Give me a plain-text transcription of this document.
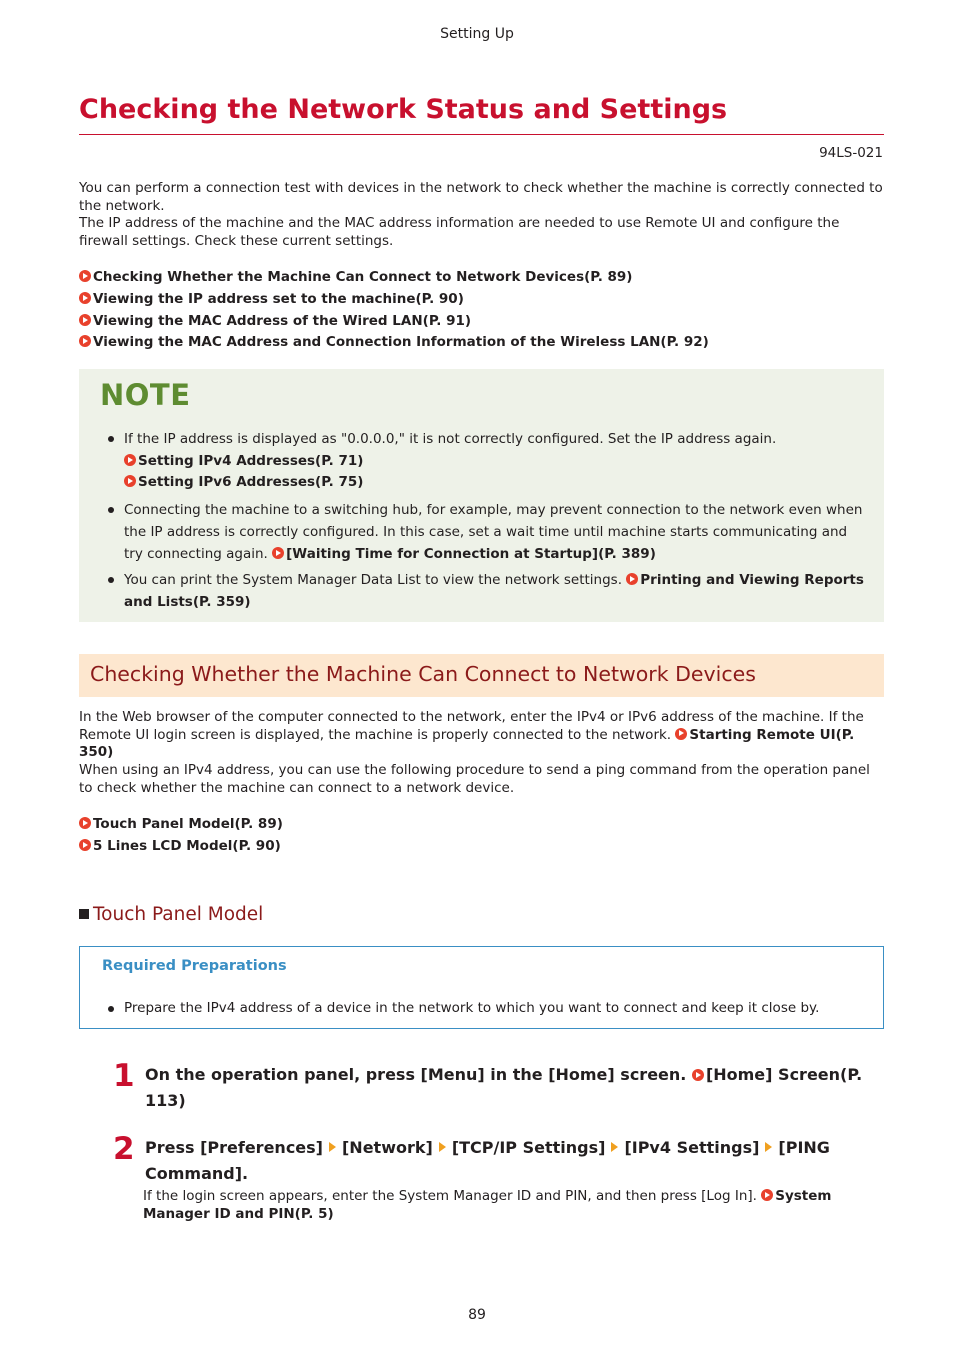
Setting Up
Checking the Network Status and Settings
94LS-021
You can perform a connection test with devices in the network to check whether the machine is correctly connected to the network.
The IP address of the machine and the MAC address information are needed to use Remote UI and configure the firewall settings. Check these current settings.
Checking Whether the Machine Can Connect to Network Devices(P. 89)
Viewing the IP address set to the machine(P. 90)
Viewing the MAC Address of the Wired LAN(P. 91)
Viewing the MAC Address and Connection Information of the Wireless LAN(P. 92)
NOTE
If the IP address is displayed as "0.0.0.0," it is not correctly configured. Set the IP address again.
Setting IPv4 Addresses(P. 71)
Setting IPv6 Addresses(P. 75)
Connecting the machine to a switching hub, for example, may prevent connection to the network even when the IP address is correctly configured. In this case, set a wait time until machine starts communicating and try connecting again. [Waiting Time for Connection at Startup](P. 389)
You can print the System Manager Data List to view the network settings. Printing and Viewing Reports and Lists(P. 359)
Checking Whether the Machine Can Connect to Network Devices
In the Web browser of the computer connected to the network, enter the IPv4 or IPv6 address of the machine. If the Remote UI login screen is displayed, the machine is properly connected to the network. Starting Remote UI(P. 350)
When using an IPv4 address, you can use the following procedure to send a ping command from the operation panel to check whether the machine can connect to a network device.
Touch Panel Model(P. 89)
5 Lines LCD Model(P. 90)
Touch Panel Model
Required Preparations
Prepare the IPv4 address of a device in the network to which you want to connect and keep it close by.
1 On the operation panel, press [Menu] in the [Home] screen. [Home] Screen(P. 113)
2 Press [Preferences] [Network] [TCP/IP Settings] [IPv4 Settings] [PING
Command].
If the login screen appears, enter the System Manager ID and PIN, and then press [Log In]. System Manager ID and PIN(P. 5)
89
